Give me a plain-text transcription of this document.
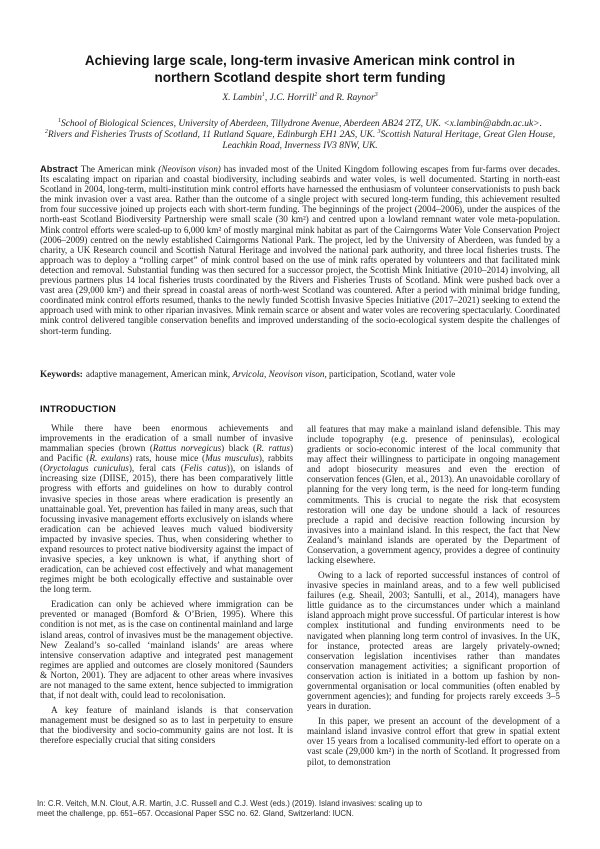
Achieving large scale, long-term invasive American mink control in northern Scotland despite short term funding
X. Lambin$^1$, J.C. Horrill$^2$ and R. Raynor$^3$
$^1$School of Biological Sciences, University of Aberdeen, Tillydrone Avenue, Aberdeen AB24 2TZ, UK. <x.lambin@abdn.ac.uk>. $^2$Rivers and Fisheries Trusts of Scotland, 11 Rutland Square, Edinburgh EH1 2AS, UK. $^3$Scottish Natural Heritage, Great Glen House, Leachkin Road, Inverness IV3 8NW, UK.

Abstract The American mink (Neovison vison) has invaded most of the United Kingdom following escapes from fur-farms over decades. Its escalating impact on riparian and coastal biodiversity, including seabirds and water voles, is well documented. Starting in north-east Scotland in 2004, long-term, multi-institution mink control efforts have harnessed the enthusiasm of volunteer conservationists to push back the mink invasion over a vast area. Rather than the outcome of a single project with secured long-term funding, this achievement resulted from four successive joined up projects each with short-term funding. The beginnings of the project (2004–2006), under the auspices of the north-east Scotland Biodiversity Partnership were small scale (30 km²) and centred upon a lowland remnant water vole meta-population. Mink control efforts were scaled-up to 6,000 km² of mostly marginal mink habitat as part of the Cairngorms Water Vole Conservation Project (2006–2009) centred on the newly established Cairngorms National Park. The project, led by the University of Aberdeen, was funded by a charity, a UK Research council and Scottish Natural Heritage and involved the national park authority, and three local fisheries trusts. The approach was to deploy a “rolling carpet” of mink control based on the use of mink rafts operated by volunteers and that facilitated mink detection and removal. Substantial funding was then secured for a successor project, the Scottish Mink Initiative (2010–2014) involving, all previous partners plus 14 local fisheries trusts coordinated by the Rivers and Fisheries Trusts of Scotland. Mink were pushed back over a vast area (29,000 km²) and their spread in coastal areas of north-west Scotland was countered. After a period with minimal bridge funding, coordinated mink control efforts resumed, thanks to the newly funded Scottish Invasive Species Initiative (2017–2021) seeking to extend the approach used with mink to other riparian invasives. Mink remain scarce or absent and water voles are recovering spectacularly. Coordinated mink control delivered tangible conservation benefits and improved understanding of the socio-ecological system despite the challenges of short-term funding.

Keywords: adaptive management, American mink, Arvicola, Neovison vison, participation, Scotland, water vole

INTRODUCTION

While there have been enormous achievements and improvements in the eradication of a small number of invasive mammalian species (brown (Rattus norvegicus) black (R. rattus) and Pacific (R. exulans) rats, house mice (Mus musculus), rabbits (Oryctolagus cuniculus), feral cats (Felis catus)), on islands of increasing size (DIISE, 2015), there has been comparatively little progress with efforts and guidelines on how to durably control invasive species in those areas where eradication is presently an unattainable goal. Yet, prevention has failed in many areas, such that focussing invasive management efforts exclusively on islands where eradication can be achieved leaves much valued biodiversity impacted by invasive species. Thus, when considering whether to expand resources to protect native biodiversity against the impact of invasive species, a key unknown is what, if anything short of eradication, can be achieved cost effectively and what management regimes might be both ecologically effective and sustainable over the long term.

Eradication can only be achieved where immigration can be prevented or managed (Bomford & O’Brien, 1995). Where this condition is not met, as is the case on continental mainland and large island areas, control of invasives must be the management objective. New Zealand’s so-called ‘mainland islands’ are areas where intensive conservation adaptive and integrated pest management regimes are applied and outcomes are closely monitored (Saunders & Norton, 2001). They are adjacent to other areas where invasives are not managed to the same extent, hence subjected to immigration that, if not dealt with, could lead to recolonisation.

A key feature of mainland islands is that conservation management must be designed so as to last in perpetuity to ensure that the biodiversity and socio-community gains are not lost. It is therefore especially crucial that siting considers

all features that may make a mainland island defensible. This may include topography (e.g. presence of peninsulas), ecological gradients or socio-economic interest of the local community that may affect their willingness to participate in ongoing management and adopt biosecurity measures and even the erection of conservation fences (Glen, et al., 2013). An unavoidable corollary of planning for the very long term, is the need for long-term funding commitments. This is crucial to negate the risk that ecosystem restoration will one day be undone should a lack of resources preclude a rapid and decisive reaction following incursion by invasives into a mainland island. In this respect, the fact that New Zealand’s mainland islands are operated by the Department of Conservation, a government agency, provides a degree of continuity lacking elsewhere.

Owing to a lack of reported successful instances of control of invasive species in mainland areas, and to a few well publicised failures (e.g. Sheail, 2003; Santulli, et al., 2014), managers have little guidance as to the circumstances under which a mainland island approach might prove successful. Of particular interest is how complex institutional and funding environments need to be navigated when planning long term control of invasives. In the UK, for instance, protected areas are largely privately-owned; conservation legislation incentivises rather than mandates conservation management activities; a significant proportion of conservation action is initiated in a bottom up fashion by non-governmental organisation or local communities (often enabled by government agencies); and funding for projects rarely exceeds 3–5 years in duration.

In this paper, we present an account of the development of a mainland island invasive control effort that grew in spatial extent over 15 years from a localised community-led effort to operate on a vast scale (29,000 km²) in the north of Scotland. It progressed from pilot, to demonstration

In: C.R. Veitch, M.N. Clout, A.R. Martin, J.C. Russell and C.J. West (eds.) (2019). Island invasives: scaling up to meet the challenge, pp. 651–657. Occasional Paper SSC no. 62. Gland, Switzerland: IUCN.
